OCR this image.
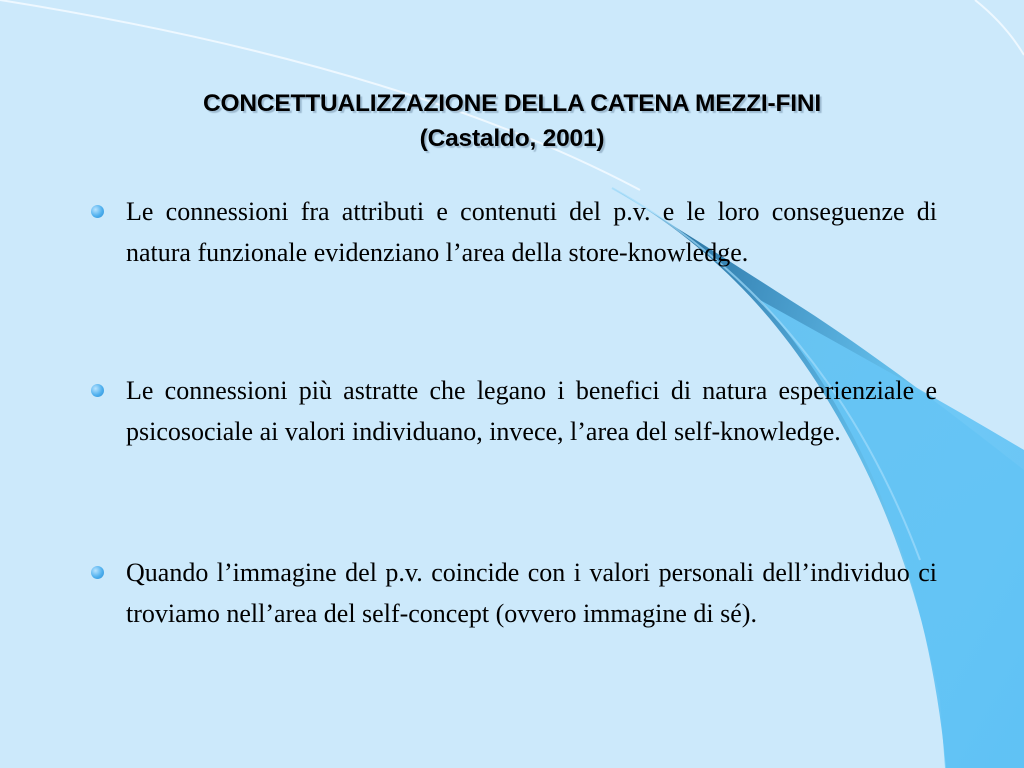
CONCETTUALIZZAZIONE DELLA CATENA MEZZI-FINI
(Castaldo, 2001)
Le connessioni fra attributi e contenuti del p.v. e le loro conseguenze di natura funzionale evidenziano l’area della store-knowledge.
Le connessioni più astratte che legano i benefici di natura esperienziale e psicosociale ai valori individuano, invece, l’area del self-knowledge.
Quando l’immagine del p.v. coincide con i valori personali dell’individuo ci troviamo nell’area del self-concept (ovvero immagine di sé).
